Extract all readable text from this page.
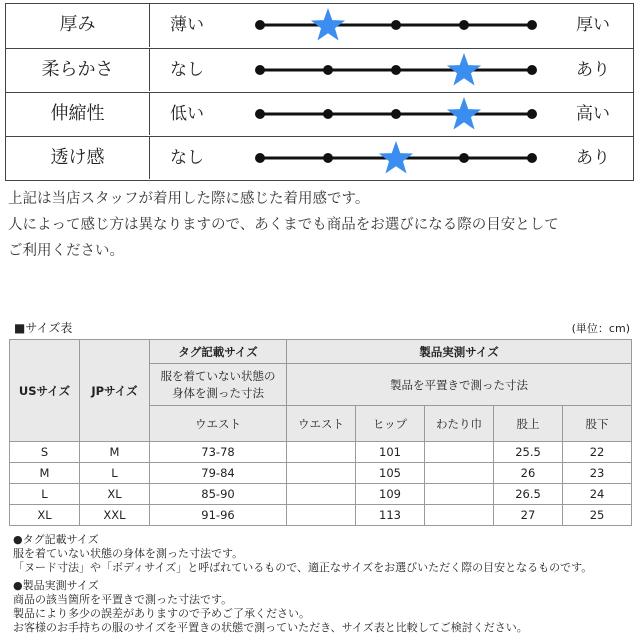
厚み	薄い	厚い
柔らかさ	なし	あり
伸縮性	低い	高い
透け感	なし	あり
上記は当店スタッフが着用した際に感じた着用感です。
人によって感じ方は異なりますので、あくまでも商品をお選びになる際の目安として
ご利用ください。
■サイズ表	(単位：cm)
USサイズ	JPサイズ	タグ記載サイズ	製品実測サイズ				
		服を着ていない状態の
身体を測った寸法	製品を平置きで測った寸法				
		ウエスト	ウエスト	ヒップ	わたり巾	股上	股下
S	M	73-78		101		25.5	22
M	L	79-84		105		26	23
L	XL	85-90		109		26.5	24
XL	XXL	91-96		113		27	25
●タグ記載サイズ
服を着ていない状態の身体を測った寸法です。
「ヌード寸法」や「ボディサイズ」と呼ばれているもので、適正なサイズをお選びいただく際の目安となるものです。
●製品実測サイズ
商品の該当箇所を平置きで測った寸法です。
製品により多少の誤差がありますので予めご了承ください。
お客様のお手持ちの服のサイズを平置きの状態で測っていただき、サイズ表と比較してご検討ください。
